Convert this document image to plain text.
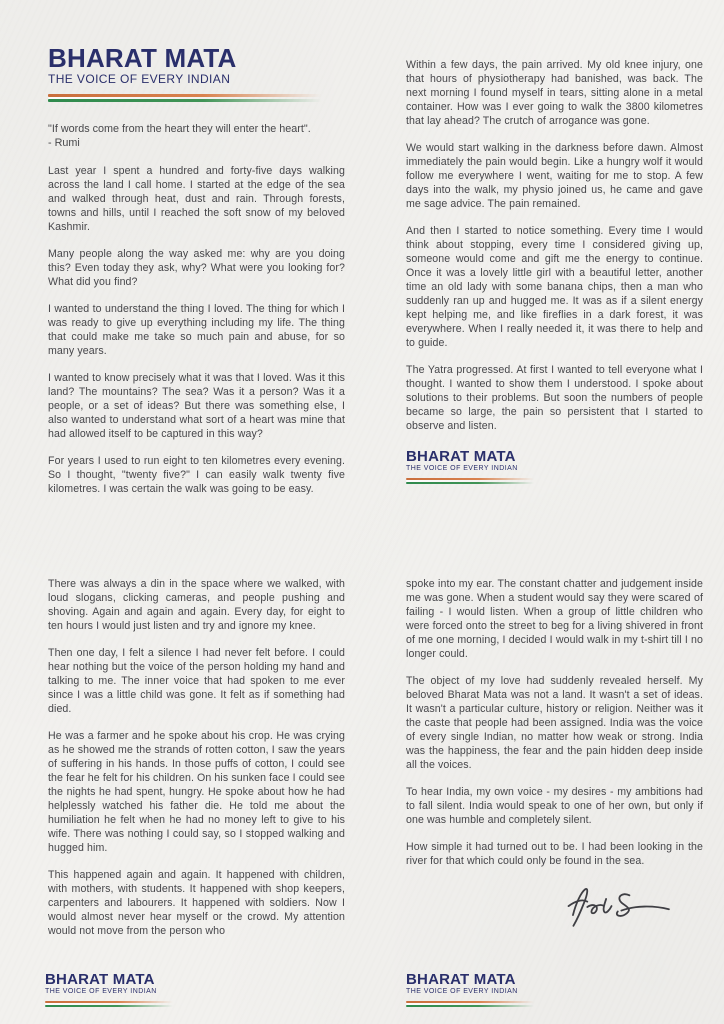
BHARAT MATA
THE VOICE OF EVERY INDIAN
"If words come from the heart they will enter the heart".
- Rumi

Last year I spent a hundred and forty-five days walking across the land I call home. I started at the edge of the sea and walked through heat, dust and rain. Through forests, towns and hills, until I reached the soft snow of my beloved Kashmir.

Many people along the way asked me: why are you doing this? Even today they ask, why? What were you looking for? What did you find?

I wanted to understand the thing I loved. The thing for which I was ready to give up everything including my life. The thing that could make me take so much pain and abuse, for so many years.

I wanted to know precisely what it was that I loved. Was it this land? The mountains? The sea? Was it a person? Was it a people, or a set of ideas? But there was something else, I also wanted to understand what sort of a heart was mine that had allowed itself to be captured in this way?

For years I used to run eight to ten kilometres every evening. So I thought, "twenty five?" I can easily walk twenty five kilometres. I was certain the walk was going to be easy.

Within a few days, the pain arrived. My old knee injury, one that hours of physiotherapy had banished, was back. The next morning I found myself in tears, sitting alone in a metal container. How was I ever going to walk the 3800 kilometres that lay ahead? The crutch of arrogance was gone.

We would start walking in the darkness before dawn. Almost immediately the pain would begin. Like a hungry wolf it would follow me everywhere I went, waiting for me to stop. A few days into the walk, my physio joined us, he came and gave me sage advice. The pain remained.

And then I started to notice something. Every time I would think about stopping, every time I considered giving up, someone would come and gift me the energy to continue. Once it was a lovely little girl with a beautiful letter, another time an old lady with some banana chips, then a man who suddenly ran up and hugged me. It was as if a silent energy kept helping me, and like fireflies in a dark forest, it was everywhere. When I really needed it, it was there to help and to guide.

The Yatra progressed. At first I wanted to tell everyone what I thought. I wanted to show them I understood. I spoke about solutions to their problems. But soon the numbers of people became so large, the pain so persistent that I started to observe and listen.

BHARAT MATA
THE VOICE OF EVERY INDIAN

There was always a din in the space where we walked, with loud slogans, clicking cameras, and people pushing and shoving. Again and again and again. Every day, for eight to ten hours I would just listen and try and ignore my knee.

Then one day, I felt a silence I had never felt before. I could hear nothing but the voice of the person holding my hand and talking to me. The inner voice that had spoken to me ever since I was a little child was gone. It felt as if something had died.

He was a farmer and he spoke about his crop. He was crying as he showed me the strands of rotten cotton, I saw the years of suffering in his hands. In those puffs of cotton, I could see the fear he felt for his children. On his sunken face I could see the nights he had spent, hungry. He spoke about how he had helplessly watched his father die. He told me about the humiliation he felt when he had no money left to give to his wife. There was nothing I could say, so I stopped walking and hugged him.

This happened again and again. It happened with children, with mothers, with students. It happened with shop keepers, carpenters and labourers. It happened with soldiers. Now I would almost never hear myself or the crowd. My attention would not move from the person who

spoke into my ear. The constant chatter and judgement inside me was gone. When a student would say they were scared of failing - I would listen. When a group of little children who were forced onto the street to beg for a living shivered in front of me one morning, I decided I would walk in my t-shirt till I no longer could.

The object of my love had suddenly revealed herself. My beloved Bharat Mata was not a land. It wasn't a set of ideas. It wasn't a particular culture, history or religion. Neither was it the caste that people had been assigned. India was the voice of every single Indian, no matter how weak or strong. India was the happiness, the fear and the pain hidden deep inside all the voices.

To hear India, my own voice - my desires - my ambitions had to fall silent. India would speak to one of her own, but only if one was humble and completely silent.

How simple it had turned out to be. I had been looking in the river for that which could only be found in the sea.

BHARAT MATA
THE VOICE OF EVERY INDIAN
BHARAT MATA
THE VOICE OF EVERY INDIAN
